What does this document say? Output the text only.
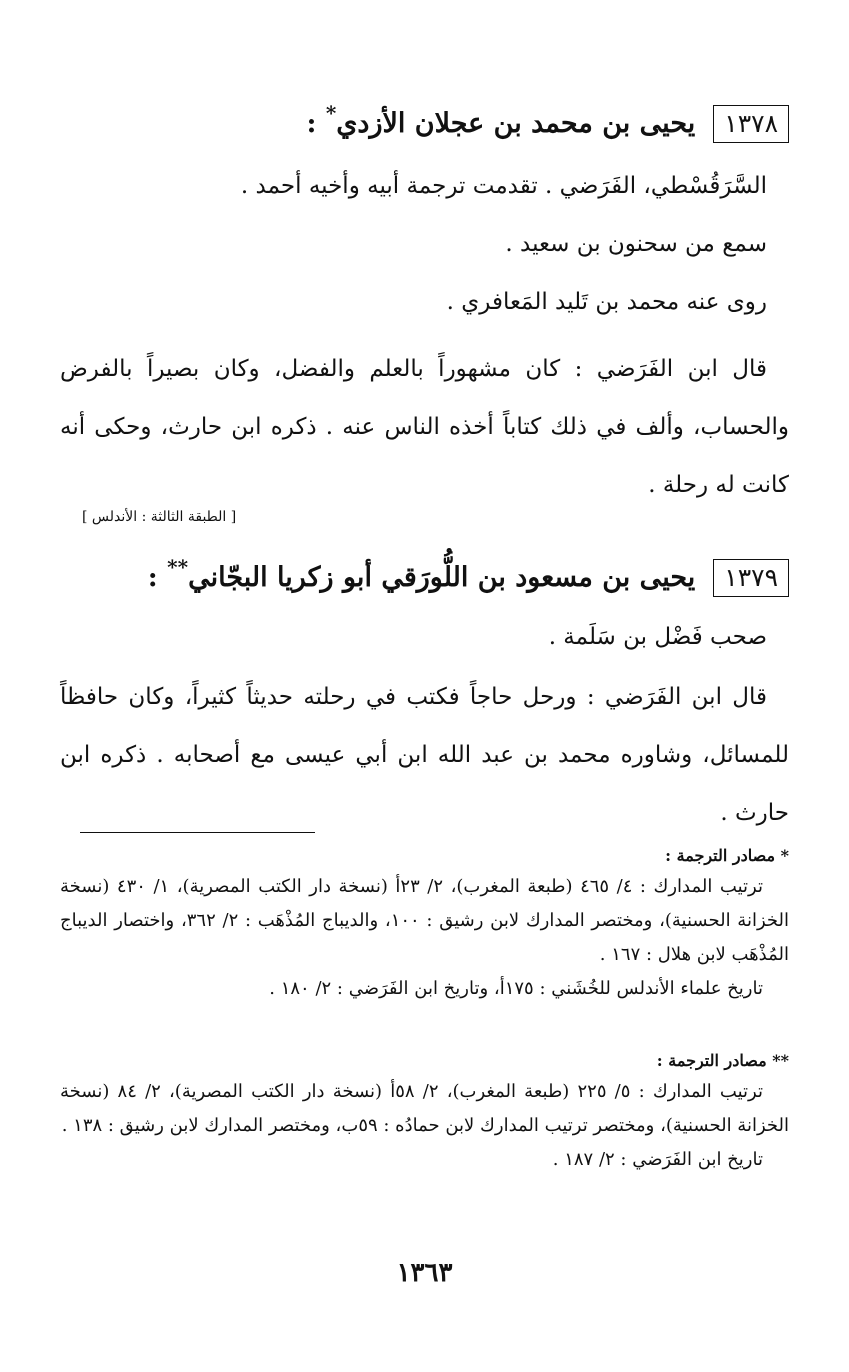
١٣٧٨
يحيى بن محمد بن عجلان الأزدي* :
السَّرَقُسْطي، الفَرَضي . تقدمت ترجمة أبيه وأخيه أحمد .
سمع من سحنون بن سعيد .
روى عنه محمد بن تَليد المَعافري .
قال ابن الفَرَضي : كان مشهوراً بالعلم والفضل، وكان بصيراً بالفرض والحساب، وألف في ذلك كتاباً أخذه الناس عنه . ذكره ابن حارث، وحكى أنه كانت له رحلة .
[ الطبقة الثالثة : الأندلس ]
١٣٧٩
يحيى بن مسعود بن اللُّورَقي أبو زكريا البجّاني** :
صحب فَضْل بن سَلَمة .
قال ابن الفَرَضي : ورحل حاجاً فكتب في رحلته حديثاً كثيراً، وكان حافظاً للمسائل، وشاوره محمد بن عبد الله ابن أبي عيسى مع أصحابه . ذكره ابن حارث .
* مصادر الترجمة :
ترتيب المدارك : ٤/ ٤٦٥ (طبعة المغرب)، ٢/ ٢٣أ (نسخة دار الكتب المصرية)، ١/ ٤٣٠ (نسخة الخزانة الحسنية)، ومختصر المدارك لابن رشيق : ١٠٠، والديباج المُذْهَب : ٢/ ٣٦٢، واختصار الديباج المُذْهَب لابن هلال : ١٦٧ .
تاريخ علماء الأندلس للخُشَني : ١٧٥أ، وتاريخ ابن الفَرَضي : ٢/ ١٨٠ .
** مصادر الترجمة :
ترتيب المدارك : ٥/ ٢٢٥ (طبعة المغرب)، ٢/ ٥٨أ (نسخة دار الكتب المصرية)، ٢/ ٨٤ (نسخة الخزانة الحسنية)، ومختصر ترتيب المدارك لابن حمادُه : ٥٩ب، ومختصر المدارك لابن رشيق : ١٣٨ .
تاريخ ابن الفَرَضي : ٢/ ١٨٧ .
١٣٦٣
